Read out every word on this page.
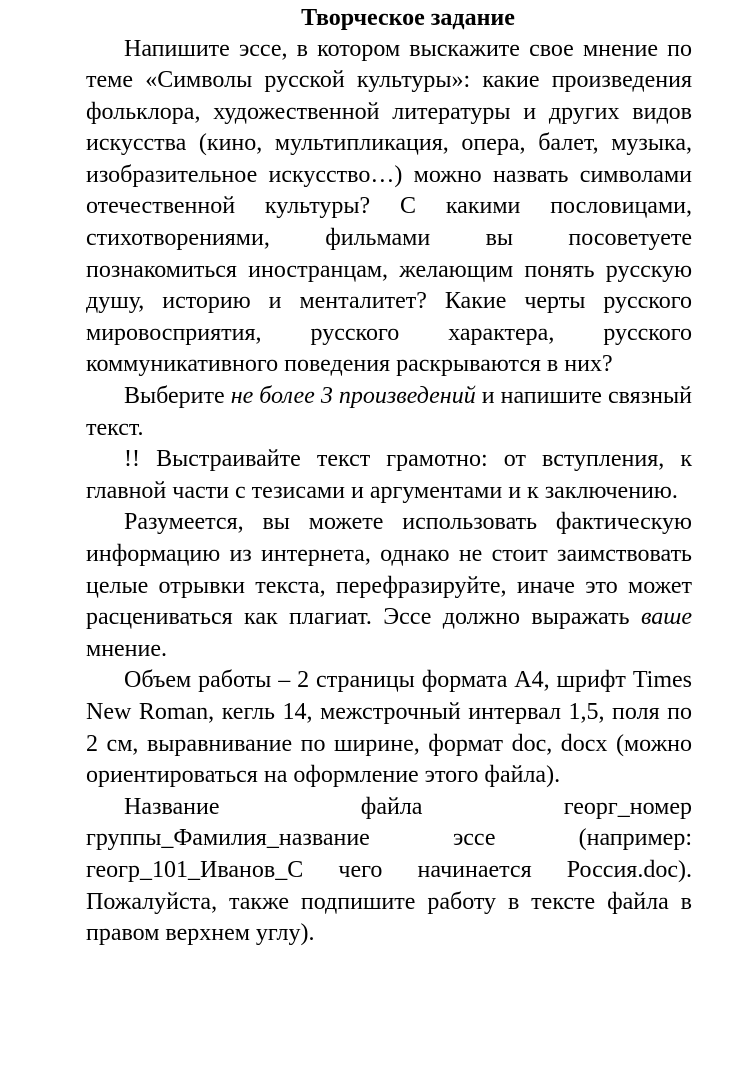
Творческое задание

Напишите эссе, в котором выскажите свое мнение по теме «Символы русской культуры»: какие произведения фольклора, художественной литературы и других видов искусства (кино, мультипликация, опера, балет, музыка, изобразительное искусство…) можно назвать символами отечественной культуры? С какими пословицами, стихотворениями, фильмами вы посоветуете познакомиться иностранцам, желающим понять русскую душу, историю и менталитет? Какие черты русского мировосприятия, русского характера, русского коммуникативного поведения раскрываются в них?

Выберите не более 3 произведений и напишите связный текст.

!! Выстраивайте текст грамотно: от вступления, к главной части с тезисами и аргументами и к заключению.

Разумеется, вы можете использовать фактическую информацию из интернета, однако не стоит заимствовать целые отрывки текста, перефразируйте, иначе это может расцениваться как плагиат. Эссе должно выражать ваше мнение.

Объем работы – 2 страницы формата А4, шрифт Times New Roman, кегль 14, межстрочный интервал 1,5, поля по 2 см, выравнивание по ширине, формат doc, docx (можно ориентироваться на оформление этого файла).

Название файла георг_номер группы_Фамилия_название эссе (например: геогр_101_Иванов_С чего начинается Россия.doc). Пожалуйста, также подпишите работу в тексте файла в правом верхнем углу).
